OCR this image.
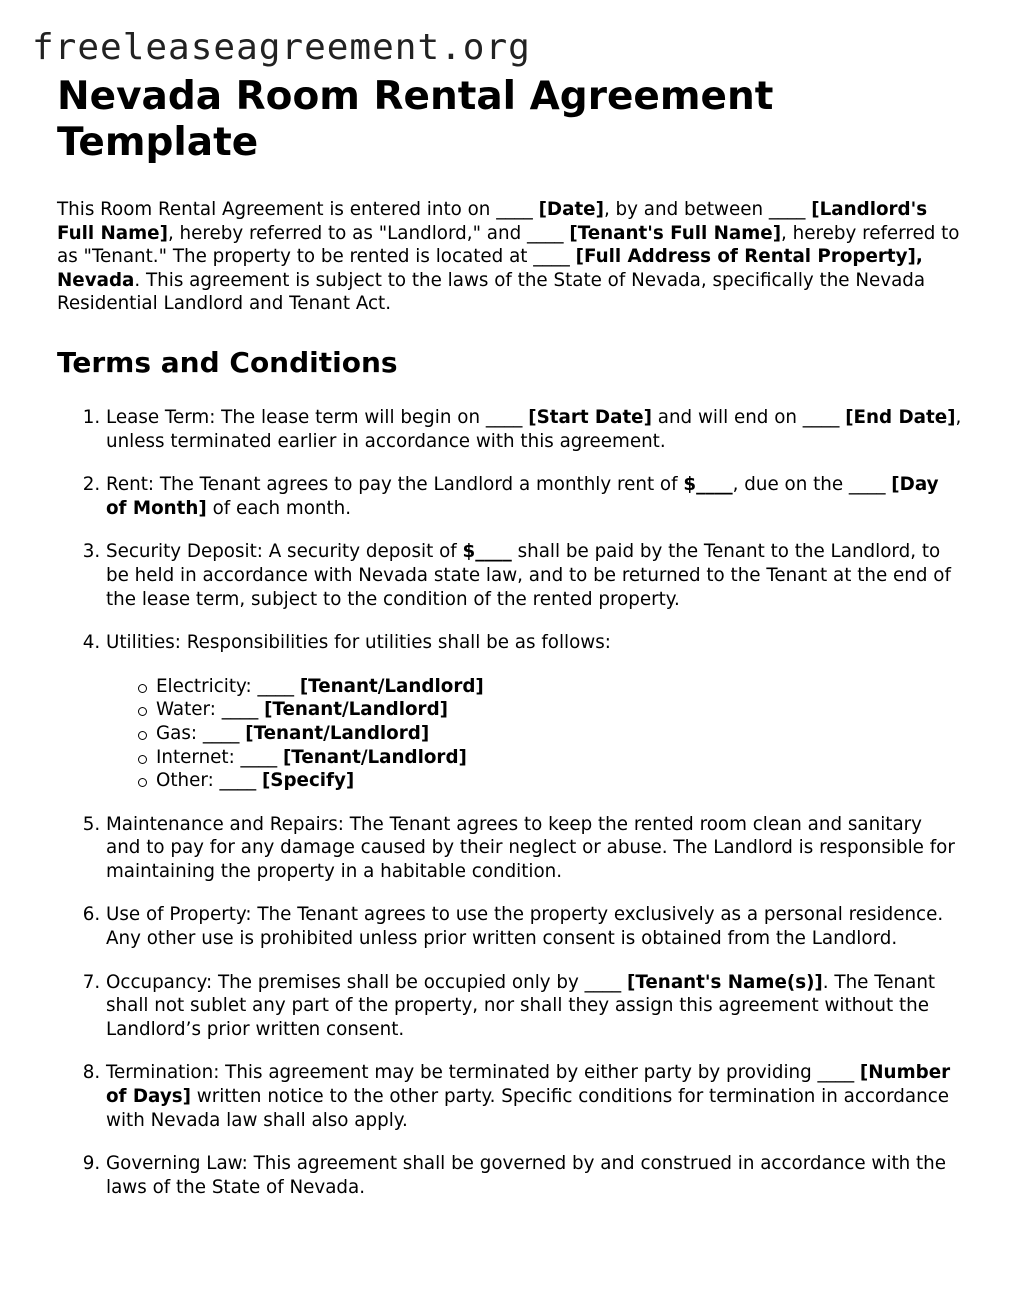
freeleaseagreement.org
Nevada Room Rental Agreement Template

This Room Rental Agreement is entered into on ____ [Date], by and between ____ [Landlord's Full Name], hereby referred to as "Landlord," and ____ [Tenant's Full Name], hereby referred to as "Tenant." The property to be rented is located at ____ [Full Address of Rental Property], Nevada. This agreement is subject to the laws of the State of Nevada, specifically the Nevada Residential Landlord and Tenant Act.

Terms and Conditions
1. Lease Term: The lease term will begin on ____ [Start Date] and will end on ____ [End Date], unless terminated earlier in accordance with this agreement.
2. Rent: The Tenant agrees to pay the Landlord a monthly rent of $____, due on the ____ [Day of Month] of each month.
3. Security Deposit: A security deposit of $____ shall be paid by the Tenant to the Landlord, to be held in accordance with Nevada state law, and to be returned to the Tenant at the end of the lease term, subject to the condition of the rented property.
4. Utilities: Responsibilities for utilities shall be as follows:
Electricity: ____ [Tenant/Landlord]
Water: ____ [Tenant/Landlord]
Gas: ____ [Tenant/Landlord]
Internet: ____ [Tenant/Landlord]
Other: ____ [Specify]
5. Maintenance and Repairs: The Tenant agrees to keep the rented room clean and sanitary and to pay for any damage caused by their neglect or abuse. The Landlord is responsible for maintaining the property in a habitable condition.
6. Use of Property: The Tenant agrees to use the property exclusively as a personal residence. Any other use is prohibited unless prior written consent is obtained from the Landlord.
7. Occupancy: The premises shall be occupied only by ____ [Tenant's Name(s)]. The Tenant shall not sublet any part of the property, nor shall they assign this agreement without the Landlord’s prior written consent.
8. Termination: This agreement may be terminated by either party by providing ____ [Number of Days] written notice to the other party. Specific conditions for termination in accordance with Nevada law shall also apply.
9. Governing Law: This agreement shall be governed by and construed in accordance with the laws of the State of Nevada.
